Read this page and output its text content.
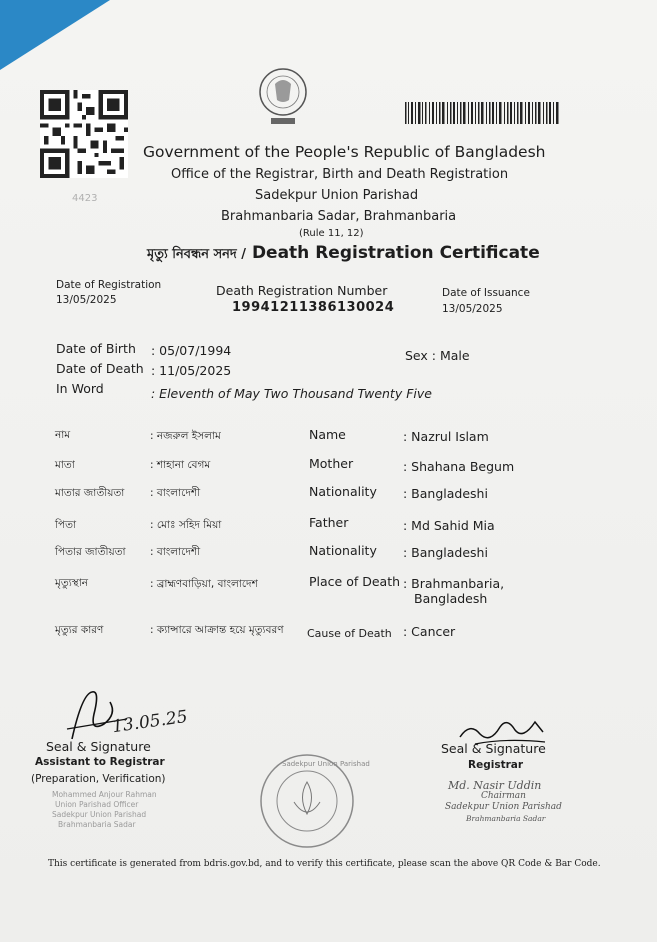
4423
Government of the People's Republic of Bangladesh
Office of the Registrar, Birth and Death Registration
Sadekpur Union Parishad
Brahmanbaria Sadar, Brahmanbaria
(Rule 11, 12)
মৃত্যু নিবন্ধন সনদ / Death Registration Certificate
Date of Registration
13/05/2025
Death Registration Number
19941211386130024
Date of Issuance
13/05/2025
Date of Birth : 05/07/1994
Date of Death : 11/05/2025
In Word	: Eleventh of May Two Thousand Twenty Five
Sex : Male
নাম	: নজরুল ইসলাম	Name	: Nazrul Islam
মাতা	: শাহানা বেগম	Mother	: Shahana Begum
মাতার জাতীয়তা : বাংলাদেশী	Nationality : Bangladeshi
পিতা	: মোঃ সহিদ মিয়া	Father	: Md Sahid Mia
পিতার জাতীয়তা : বাংলাদেশী	Nationality : Bangladeshi
মৃত্যুস্থান	: ব্রাহ্মণবাড়িয়া, বাংলাদেশ	Place of Death : Brahmanbaria,
Bangladesh
মৃত্যুর কারণ	: ক্যান্সারে আক্রান্ত হয়ে মৃত্যুবরণ Cause of Death : Cancer
13.05.25
Seal & Signature
Assistant to Registrar
(Preparation, Verification)
Mohammed Anjour Rahman
Union Parishad Officer
Sadekpur Union Parishad
Brahmanbaria Sadar
Sadekpur Union Parishad
Seal & Signature
Registrar
Md. Nasir Uddin
Chairman
Sadekpur Union Parishad
Brahmanbaria Sadar
This certificate is generated from bdris.gov.bd, and to verify this certificate, please scan the above QR Code & Bar Code.
